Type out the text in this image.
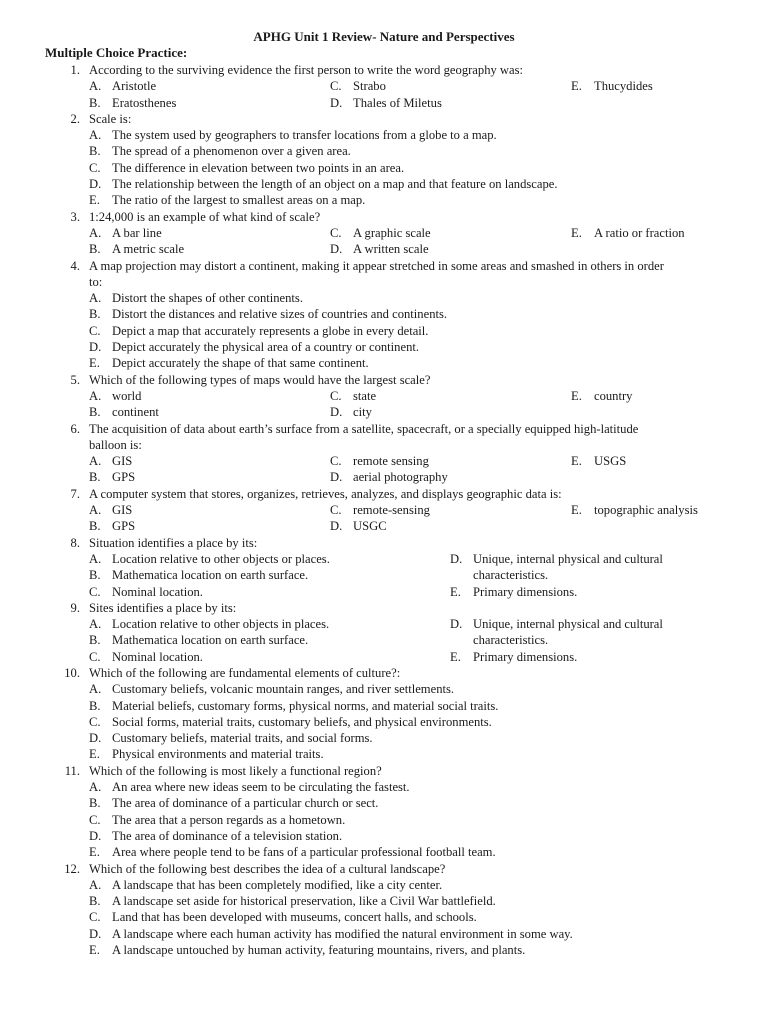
APHG Unit 1 Review- Nature and Perspectives
Multiple Choice Practice:
1. According to the surviving evidence the first person to write the word geography was:
A. Aristotle	C. Strabo	E. Thucydides
B. Eratosthenes	D. Thales of Miletus
2. Scale is:
A. The system used by geographers to transfer locations from a globe to a map.
B. The spread of a phenomenon over a given area.
C. The difference in elevation between two points in an area.
D. The relationship between the length of an object on a map and that feature on landscape.
E. The ratio of the largest to smallest areas on a map.
3. 1:24,000 is an example of what kind of scale?
A. A bar line	C. A graphic scale	E. A ratio or fraction
B. A metric scale	D. A written scale
4. A map projection may distort a continent, making it appear stretched in some areas and smashed in others in order
to:
A. Distort the shapes of other continents.
B. Distort the distances and relative sizes of countries and continents.
C. Depict a map that accurately represents a globe in every detail.
D. Depict accurately the physical area of a country or continent.
E. Depict accurately the shape of that same continent.
5. Which of the following types of maps would have the largest scale?
A. world	C. state	E. country
B. continent	D. city
6. The acquisition of data about earth’s surface from a satellite, spacecraft, or a specially equipped high-latitude
balloon is:
A. GIS	C. remote sensing	E. USGS
B. GPS	D. aerial photography
7. A computer system that stores, organizes, retrieves, analyzes, and displays geographic data is:
A. GIS	C. remote-sensing	E. topographic analysis
B. GPS	D. USGC
8. Situation identifies a place by its:
A. Location relative to other objects or places.	D. Unique, internal physical and cultural
B. Mathematica location on earth surface.	characteristics.
C. Nominal location.	E. Primary dimensions.
9. Sites identifies a place by its:
A. Location relative to other objects in places.	D. Unique, internal physical and cultural
B. Mathematica location on earth surface.	characteristics.
C. Nominal location.	E. Primary dimensions.
10. Which of the following are fundamental elements of culture?:
A. Customary beliefs, volcanic mountain ranges, and river settlements.
B. Material beliefs, customary forms, physical norms, and material social traits.
C. Social forms, material traits, customary beliefs, and physical environments.
D. Customary beliefs, material traits, and social forms.
E. Physical environments and material traits.
11. Which of the following is most likely a functional region?
A. An area where new ideas seem to be circulating the fastest.
B. The area of dominance of a particular church or sect.
C. The area that a person regards as a hometown.
D. The area of dominance of a television station.
E. Area where people tend to be fans of a particular professional football team.
12. Which of the following best describes the idea of a cultural landscape?
A. A landscape that has been completely modified, like a city center.
B. A landscape set aside for historical preservation, like a Civil War battlefield.
C. Land that has been developed with museums, concert halls, and schools.
D. A landscape where each human activity has modified the natural environment in some way.
E. A landscape untouched by human activity, featuring mountains, rivers, and plants.
